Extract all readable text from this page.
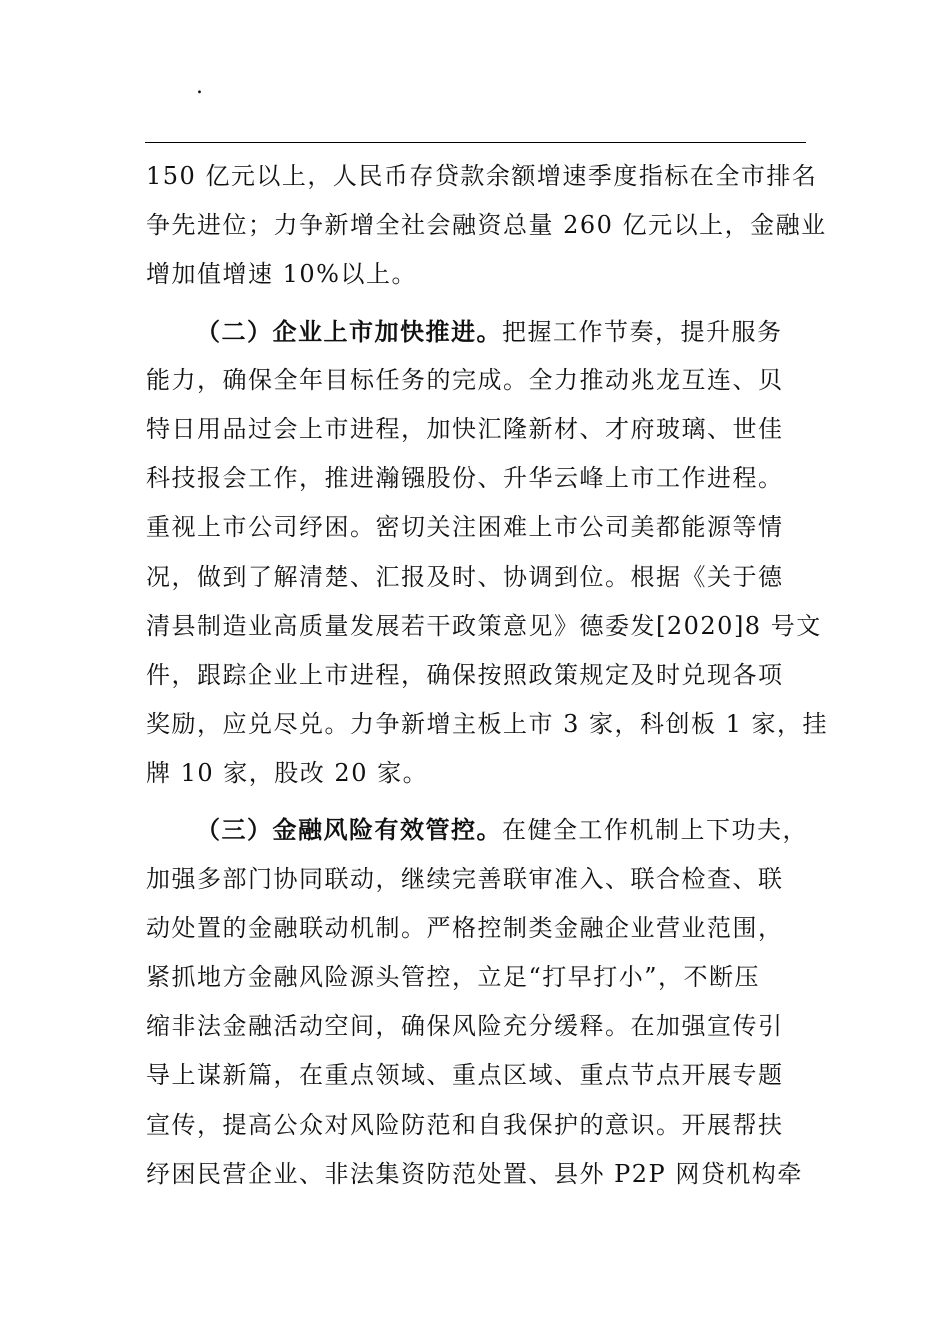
.
150 亿元以上，人民币存贷款余额增速季度指标在全市排名
争先进位；力争新增全社会融资总量 260 亿元以上，金融业
增加值增速 10%以上。
（二）企业上市加快推进。把握工作节奏，提升服务
能力，确保全年目标任务的完成。全力推动兆龙互连、贝
特日用品过会上市进程，加快汇隆新材、才府玻璃、世佳
科技报会工作，推进瀚镪股份、升华云峰上市工作进程。
重视上市公司纾困。密切关注困难上市公司美都能源等情
况，做到了解清楚、汇报及时、协调到位。根据《关于德
清县制造业高质量发展若干政策意见》德委发[2020]8 号文
件，跟踪企业上市进程，确保按照政策规定及时兑现各项
奖励，应兑尽兑。力争新增主板上市 3 家，科创板 1 家，挂
牌 10 家，股改 20 家。
（三）金融风险有效管控。在健全工作机制上下功夫，
加强多部门协同联动，继续完善联审准入、联合检查、联
动处置的金融联动机制。严格控制类金融企业营业范围，
紧抓地方金融风险源头管控，立足“打早打小”，不断压
缩非法金融活动空间，确保风险充分缓释。在加强宣传引
导上谋新篇，在重点领域、重点区域、重点节点开展专题
宣传，提高公众对风险防范和自我保护的意识。开展帮扶
纾困民营企业、非法集资防范处置、县外 P2P 网贷机构牵
